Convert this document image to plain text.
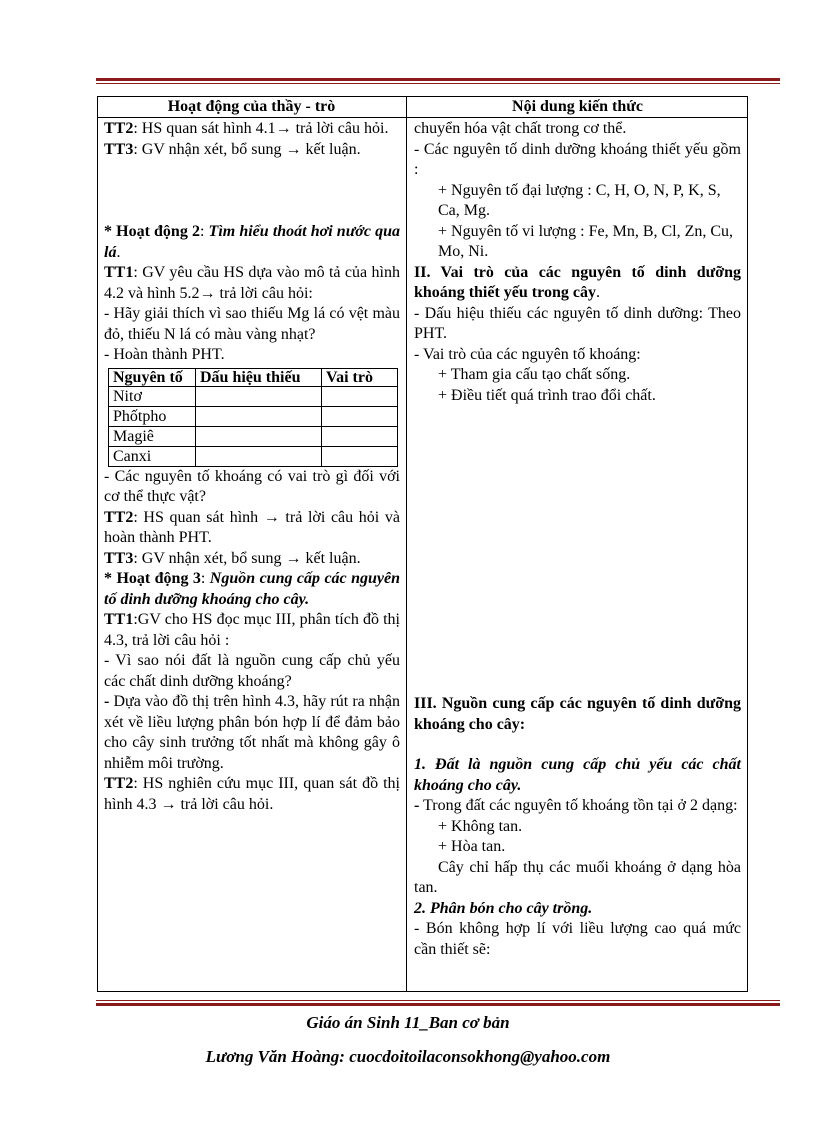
Hoạt động của thầy - trò	Nội dung kiến thức

TT2: HS quan sát hình 4.1→ trả lời câu hỏi.

TT3: GV nhận xét, bổ sung → kết luận.

* Hoạt động 2: Tìm hiểu thoát hơi nước qua lá.

TT1: GV yêu cầu HS dựa vào mô tả của hình 4.2 và hình 5.2→ trả lời câu hỏi:

- Hãy giải thích vì sao thiếu Mg lá có vệt màu đỏ, thiếu N lá có màu vàng nhạt?

- Hoàn thành PHT.

Nguyên tố	Dấu hiệu thiếu	Vai trò
Nitơ		
Phốtpho		
Magiê		
Canxi		

- Các nguyên tố khoáng có vai trò gì đối với cơ thể thực vật?

TT2: HS quan sát hình → trả lời câu hỏi và hoàn thành PHT.

TT3: GV nhận xét, bổ sung → kết luận.

* Hoạt động 3: Nguồn cung cấp các nguyên tố dinh dưỡng khoáng cho cây.

TT1:GV cho HS đọc mục III, phân tích đồ thị 4.3, trả lời câu hỏi :

- Vì sao nói đất là nguồn cung cấp chủ yếu các chất dinh dưỡng khoáng?

- Dựa vào đồ thị trên hình 4.3, hãy rút ra nhận xét về liều lượng phân bón hợp lí để đảm bảo cho cây sinh trưởng tốt nhất mà không gây ô nhiễm môi trường.

TT2: HS nghiên cứu mục III, quan sát đồ thị hình 4.3 → trả lời câu hỏi.

chuyển hóa vật chất trong cơ thể.

- Các nguyên tố dinh dưỡng khoáng thiết yếu gồm :

+ Nguyên tố đại lượng : C, H, O, N, P, K, S, Ca, Mg.

+ Nguyên tố vi lượng : Fe, Mn, B, Cl, Zn, Cu, Mo, Ni.

II. Vai trò của các nguyên tố dinh dưỡng khoáng thiết yếu trong cây.

- Dấu hiệu thiếu các nguyên tố dinh dưỡng: Theo PHT.

- Vai trò của các nguyên tố khoáng:

+ Tham gia cấu tạo chất sống.

+ Điều tiết quá trình trao đổi chất.

III. Nguồn cung cấp các nguyên tố dinh dưỡng khoáng cho cây:

1. Đất là nguồn cung cấp chủ yếu các chất khoáng cho cây.

- Trong đất các nguyên tố khoáng tồn tại ở 2 dạng:

+ Không tan.

+ Hòa tan.

Cây chỉ hấp thụ các muối khoáng ở dạng hòa tan.

2. Phân bón cho cây trồng.

- Bón không hợp lí với liều lượng cao quá mức cần thiết sẽ:

Giáo án Sinh 11_Ban cơ bản
Lương Văn Hoàng: cuocdoitoilaconsokhong@yahoo.com
